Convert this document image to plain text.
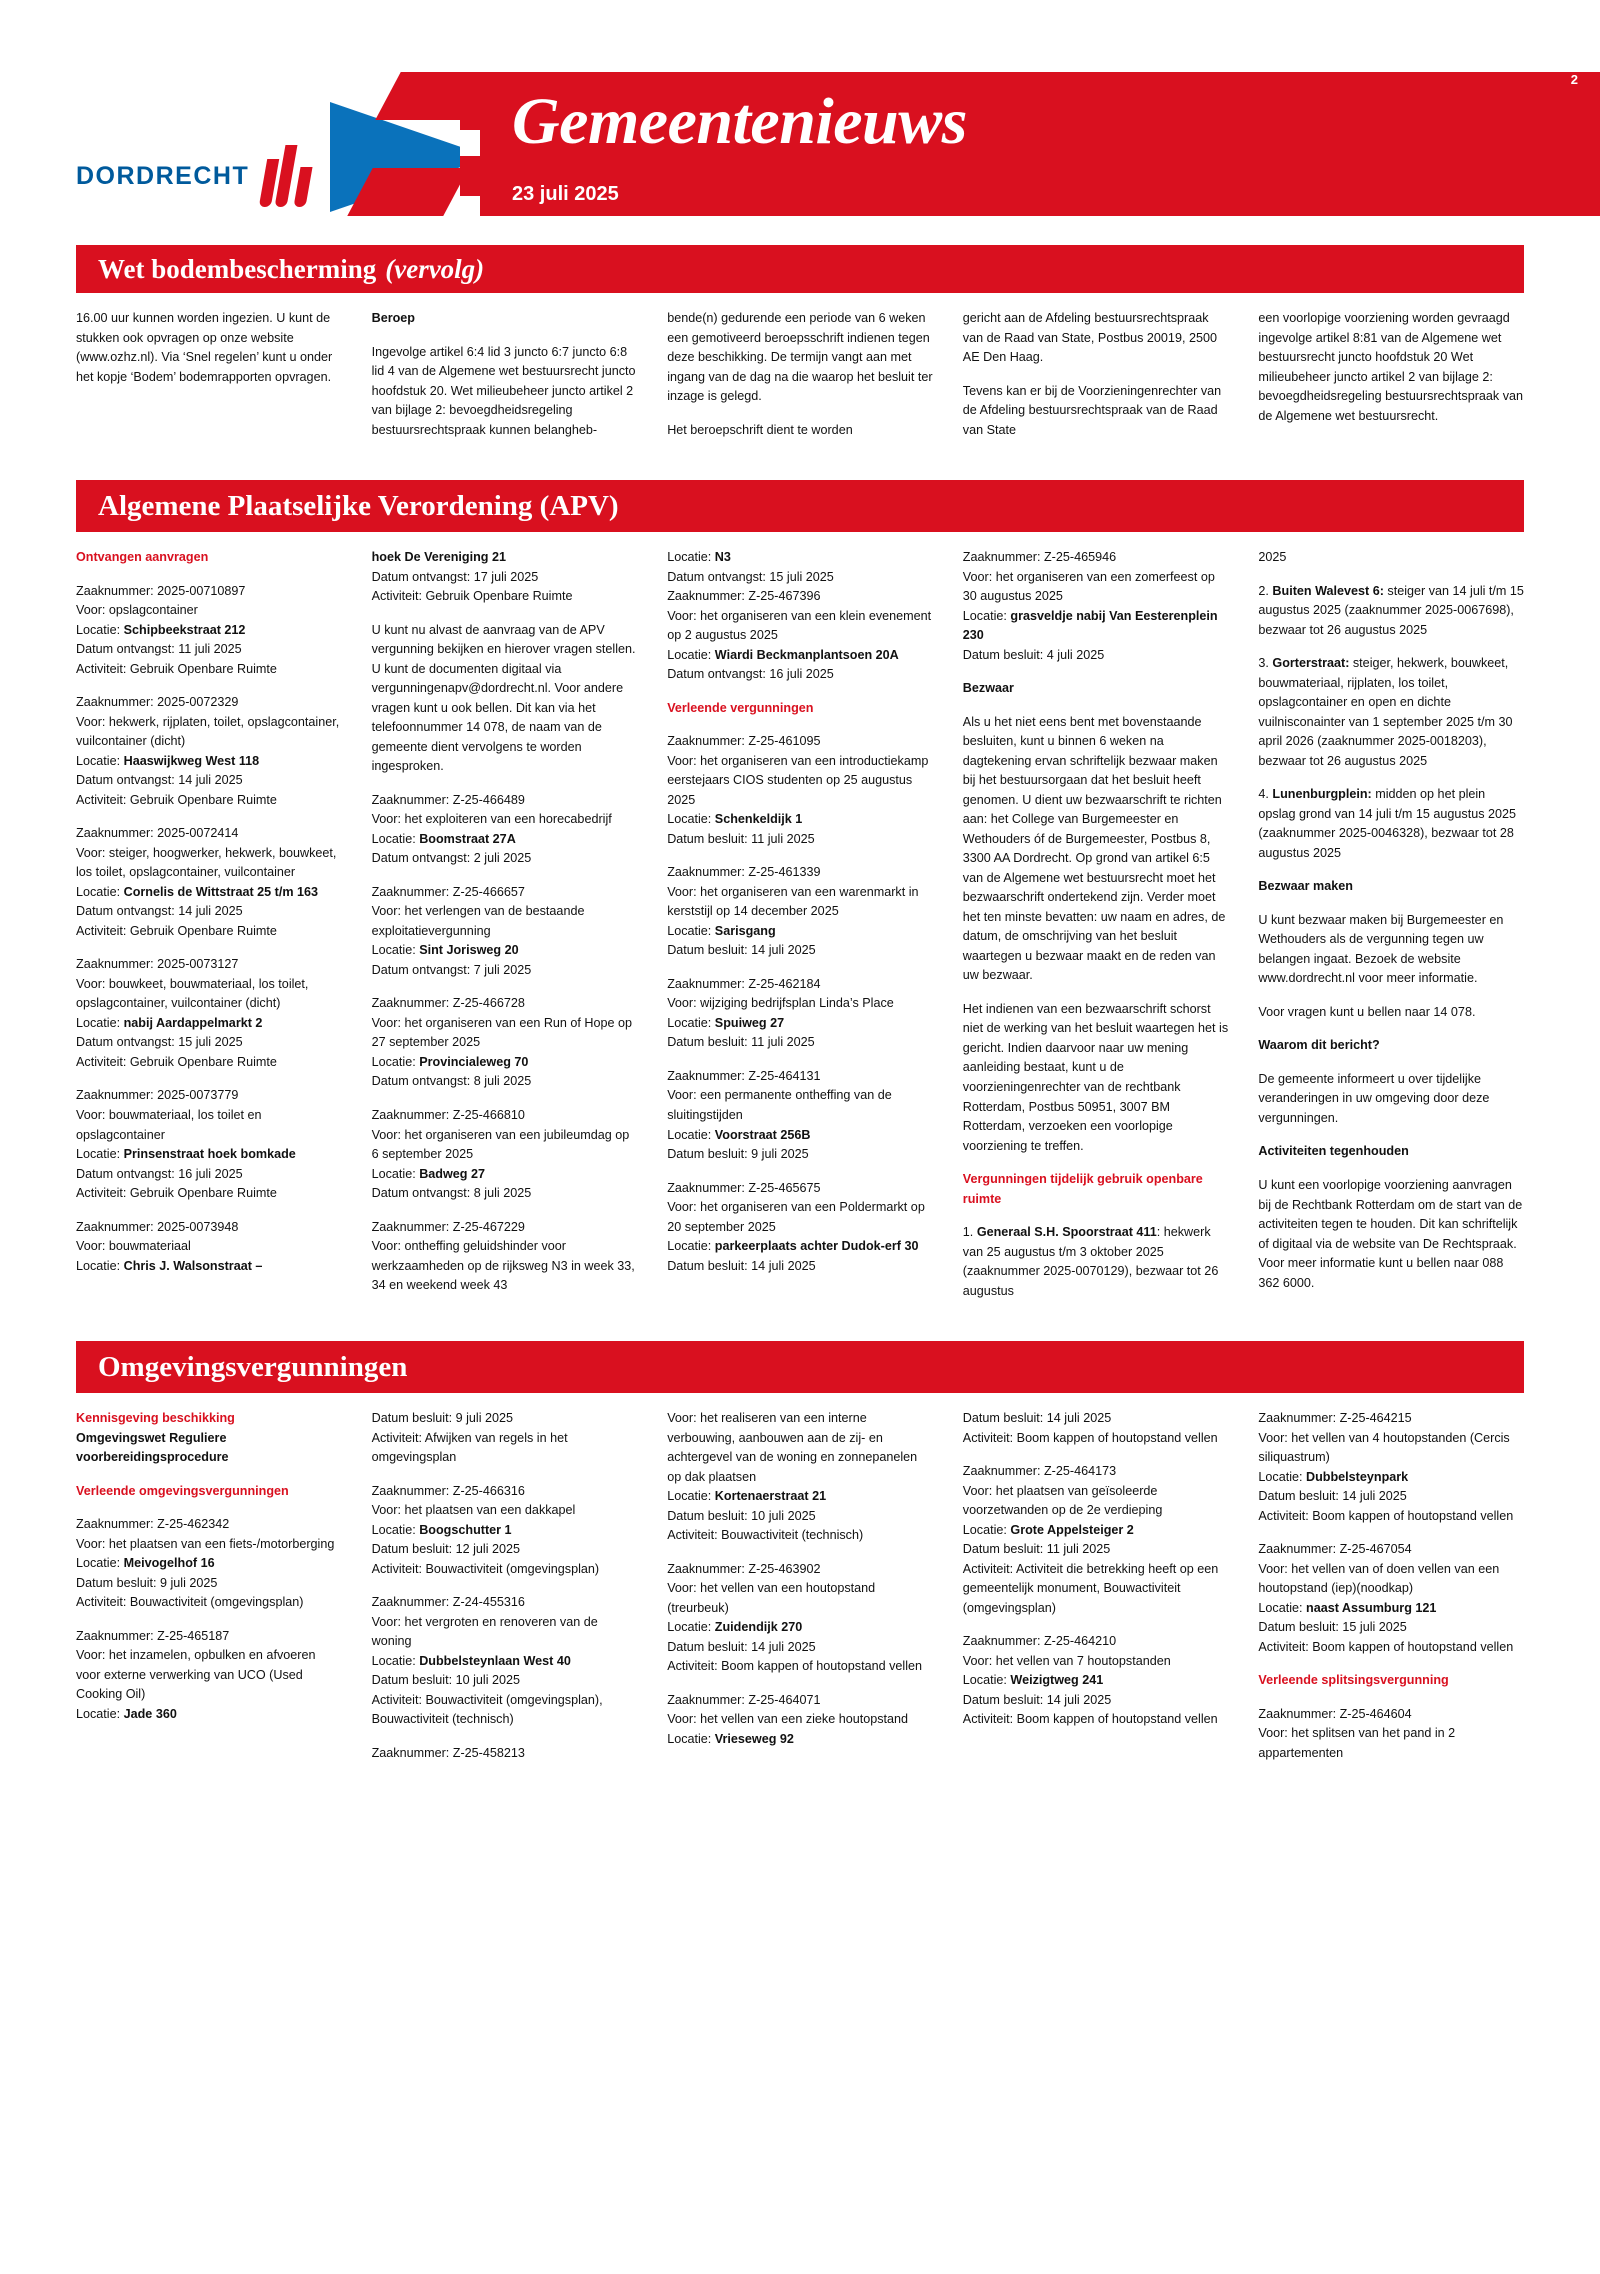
DORDRECHT
Gemeentenieuws
23 juli 2025
2
Wet bodembescherming (vervolg)

16.00 uur kunnen worden ingezien. U kunt de stukken ook opvragen op onze website (www.ozhz.nl). Via ‘Snel regelen’ kunt u onder het kopje ‘Bodem’ bodemrapporten opvragen.

Beroep

Ingevolge artikel 6:4 lid 3 juncto 6:7 juncto 6:8 lid 4 van de Algemene wet bestuursrecht juncto hoofdstuk 20. Wet milieubeheer juncto artikel 2 van bijlage 2: bevoegdheidsregeling bestuursrechtspraak kunnen belangheb-

bende(n) gedurende een periode van 6 weken een gemotiveerd beroepsschrift indienen tegen deze beschikking. De termijn vangt aan met ingang van de dag na die waarop het besluit ter inzage is gelegd.

Het beroepschrift dient te worden

gericht aan de Afdeling bestuursrechtspraak van de Raad van State, Postbus 20019, 2500 AE Den Haag.

Tevens kan er bij de Voorzieningenrechter van de Afdeling bestuursrechtspraak van de Raad van State

een voorlopige voorziening worden gevraagd ingevolge artikel 8:81 van de Algemene wet bestuursrecht juncto hoofdstuk 20 Wet milieubeheer juncto artikel 2 van bijlage 2: bevoegdheidsregeling bestuursrechtspraak van de Algemene wet bestuursrecht.

Algemene Plaatselijke Verordening (APV)

Ontvangen aanvragen

Zaaknummer: 2025-00710897
Voor: opslagcontainer
Locatie: Schipbeekstraat 212
Datum ontvangst: 11 juli 2025
Activiteit: Gebruik Openbare Ruimte

Zaaknummer: 2025-0072329
Voor: hekwerk, rijplaten, toilet, opslagcontainer, vuilcontainer (dicht)
Locatie: Haaswijkweg West 118
Datum ontvangst: 14 juli 2025
Activiteit: Gebruik Openbare Ruimte

Zaaknummer: 2025-0072414
Voor: steiger, hoogwerker, hekwerk, bouwkeet, los toilet, opslagcontainer, vuilcontainer
Locatie: Cornelis de Wittstraat 25 t/m 163
Datum ontvangst: 14 juli 2025
Activiteit: Gebruik Openbare Ruimte

Zaaknummer: 2025-0073127
Voor: bouwkeet, bouwmateriaal, los toilet, opslagcontainer, vuilcontainer (dicht)
Locatie: nabij Aardappelmarkt 2
Datum ontvangst: 15 juli 2025
Activiteit: Gebruik Openbare Ruimte

Zaaknummer: 2025-0073779
Voor: bouwmateriaal, los toilet en opslagcontainer
Locatie: Prinsenstraat hoek bomkade
Datum ontvangst: 16 juli 2025
Activiteit: Gebruik Openbare Ruimte

Zaaknummer: 2025-0073948
Voor: bouwmateriaal
Locatie: Chris J. Walsonstraat –

hoek De Vereniging 21
Datum ontvangst: 17 juli 2025
Activiteit: Gebruik Openbare Ruimte

U kunt nu alvast de aanvraag van de APV vergunning bekijken en hierover vragen stellen. U kunt de documenten digitaal via vergunningenapv@dordrecht.nl. Voor andere vragen kunt u ook bellen. Dit kan via het telefoonnummer 14 078, de naam van de gemeente dient vervolgens te worden ingesproken.

Zaaknummer: Z-25-466489
Voor: het exploiteren van een horecabedrijf
Locatie: Boomstraat 27A
Datum ontvangst: 2 juli 2025

Zaaknummer: Z-25-466657
Voor: het verlengen van de bestaande exploitatievergunning
Locatie: Sint Jorisweg 20
Datum ontvangst: 7 juli 2025

Zaaknummer: Z-25-466728
Voor: het organiseren van een Run of Hope op 27 september 2025
Locatie: Provincialeweg 70
Datum ontvangst: 8 juli 2025

Zaaknummer: Z-25-466810
Voor: het organiseren van een jubileumdag op 6 september 2025
Locatie: Badweg 27
Datum ontvangst: 8 juli 2025

Zaaknummer: Z-25-467229
Voor: ontheffing geluidshinder voor werkzaamheden op de rijksweg N3 in week 33, 34 en weekend week 43

Locatie: N3
Datum ontvangst: 15 juli 2025
Zaaknummer: Z-25-467396
Voor: het organiseren van een klein evenement op 2 augustus 2025
Locatie: Wiardi Beckmanplantsoen 20A
Datum ontvangst: 16 juli 2025

Verleende vergunningen

Zaaknummer: Z-25-461095
Voor: het organiseren van een introductiekamp eerstejaars CIOS studenten op 25 augustus 2025
Locatie: Schenkeldijk 1
Datum besluit: 11 juli 2025

Zaaknummer: Z-25-461339
Voor: het organiseren van een warenmarkt in kerststijl op 14 december 2025
Locatie: Sarisgang
Datum besluit: 14 juli 2025

Zaaknummer: Z-25-462184
Voor: wijziging bedrijfsplan Linda’s Place
Locatie: Spuiweg 27
Datum besluit: 11 juli 2025

Zaaknummer: Z-25-464131
Voor: een permanente ontheffing van de sluitingstijden
Locatie: Voorstraat 256B
Datum besluit: 9 juli 2025

Zaaknummer: Z-25-465675
Voor: het organiseren van een Poldermarkt op 20 september 2025
Locatie: parkeerplaats achter Dudok-erf 30
Datum besluit: 14 juli 2025

Zaaknummer: Z-25-465946
Voor: het organiseren van een zomerfeest op 30 augustus 2025
Locatie: grasveldje nabij Van Eesterenplein 230
Datum besluit: 4 juli 2025

Bezwaar

Als u het niet eens bent met bovenstaande besluiten, kunt u binnen 6 weken na dagtekening ervan schriftelijk bezwaar maken bij het bestuursorgaan dat het besluit heeft genomen. U dient uw bezwaarschrift te richten aan: het College van Burgemeester en Wethouders óf de Burgemeester, Postbus 8, 3300 AA Dordrecht. Op grond van artikel 6:5 van de Algemene wet bestuursrecht moet het bezwaarschrift ondertekend zijn. Verder moet het ten minste bevatten: uw naam en adres, de datum, de omschrijving van het besluit waartegen u bezwaar maakt en de reden van uw bezwaar.

Het indienen van een bezwaarschrift schorst niet de werking van het besluit waartegen het is gericht. Indien daarvoor naar uw mening aanleiding bestaat, kunt u de voorzieningenrechter van de rechtbank Rotterdam, Postbus 50951, 3007 BM Rotterdam, verzoeken een voorlopige voorziening te treffen.

Vergunningen tijdelijk gebruik openbare ruimte

1. Generaal S.H. Spoorstraat 411: hekwerk van 25 augustus t/m 3 oktober 2025 (zaaknummer 2025-0070129), bezwaar tot 26 augustus

2025

2. Buiten Walevest 6: steiger van 14 juli t/m 15 augustus 2025 (zaaknummer 2025-0067698), bezwaar tot 26 augustus 2025

3. Gorterstraat: steiger, hekwerk, bouwkeet, bouwmateriaal, rijplaten, los toilet, opslagcontainer en open en dichte vuilnisconainter van 1 september 2025 t/m 30 april 2026 (zaaknummer 2025-0018203), bezwaar tot 26 augustus 2025

4. Lunenburgplein: midden op het plein opslag grond van 14 juli t/m 15 augustus 2025 (zaaknummer 2025-0046328), bezwaar tot 28 augustus 2025

Bezwaar maken

U kunt bezwaar maken bij Burgemeester en Wethouders als de vergunning tegen uw belangen ingaat. Bezoek de website www.dordrecht.nl voor meer informatie.

Voor vragen kunt u bellen naar 14 078.

Waarom dit bericht?

De gemeente informeert u over tijdelijke veranderingen in uw omgeving door deze vergunningen.

Activiteiten tegenhouden

U kunt een voorlopige voorziening aanvragen bij de Rechtbank Rotterdam om de start van de activiteiten tegen te houden. Dit kan schriftelijk of digitaal via de website van De Rechtspraak. Voor meer informatie kunt u bellen naar 088 362 6000.

Omgevingsvergunningen

Kennisgeving beschikking

Omgevingswet Reguliere voorbereidingsprocedure

Verleende omgevingsvergunningen

Zaaknummer: Z-25-462342
Voor: het plaatsen van een fiets-/motorberging
Locatie: Meivogelhof 16
Datum besluit: 9 juli 2025
Activiteit: Bouwactiviteit (omgevingsplan)

Zaaknummer: Z-25-465187
Voor: het inzamelen, opbulken en afvoeren voor externe verwerking van UCO (Used Cooking Oil)
Locatie: Jade 360

Datum besluit: 9 juli 2025
Activiteit: Afwijken van regels in het omgevingsplan

Zaaknummer: Z-25-466316
Voor: het plaatsen van een dakkapel
Locatie: Boogschutter 1
Datum besluit: 12 juli 2025
Activiteit: Bouwactiviteit (omgevingsplan)

Zaaknummer: Z-24-455316
Voor: het vergroten en renoveren van de woning
Locatie: Dubbelsteynlaan West 40
Datum besluit: 10 juli 2025
Activiteit: Bouwactiviteit (omgevingsplan), Bouwactiviteit (technisch)

Zaaknummer: Z-25-458213

Voor: het realiseren van een interne verbouwing, aanbouwen aan de zij- en achtergevel van de woning en zonnepanelen op dak plaatsen
Locatie: Kortenaerstraat 21
Datum besluit: 10 juli 2025
Activiteit: Bouwactiviteit (technisch)

Zaaknummer: Z-25-463902
Voor: het vellen van een houtopstand (treurbeuk)
Locatie: Zuidendijk 270
Datum besluit: 14 juli 2025
Activiteit: Boom kappen of houtopstand vellen

Zaaknummer: Z-25-464071
Voor: het vellen van een zieke houtopstand
Locatie: Vrieseweg 92

Datum besluit: 14 juli 2025
Activiteit: Boom kappen of houtopstand vellen

Zaaknummer: Z-25-464173
Voor: het plaatsen van geïsoleerde voorzetwanden op de 2e verdieping
Locatie: Grote Appelsteiger 2
Datum besluit: 11 juli 2025
Activiteit: Activiteit die betrekking heeft op een gemeentelijk monument, Bouwactiviteit (omgevingsplan)

Zaaknummer: Z-25-464210
Voor: het vellen van 7 houtopstanden
Locatie: Weizigtweg 241
Datum besluit: 14 juli 2025
Activiteit: Boom kappen of houtopstand vellen

Zaaknummer: Z-25-464215
Voor: het vellen van 4 houtopstanden (Cercis siliquastrum)
Locatie: Dubbelsteynpark
Datum besluit: 14 juli 2025
Activiteit: Boom kappen of houtopstand vellen

Zaaknummer: Z-25-467054
Voor: het vellen van of doen vellen van een houtopstand (iep)(noodkap)
Locatie: naast Assumburg 121
Datum besluit: 15 juli 2025
Activiteit: Boom kappen of houtopstand vellen

Verleende splitsingsvergunning

Zaaknummer: Z-25-464604
Voor: het splitsen van het pand in 2 appartementen
